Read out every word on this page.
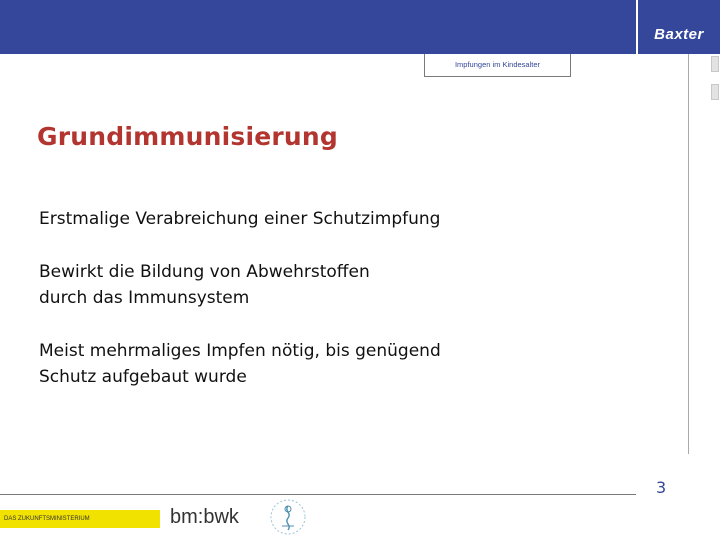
Baxter
Impfungen im Kindesalter
Grundimmunisierung

Erstmalige Verabreichung einer Schutzimpfung

Bewirkt die Bildung von Abwehrstoffen
durch das Immunsystem

Meist mehrmaliges Impfen nötig, bis genügend
Schutz aufgebaut wurde

3
DAS ZUKUNFTSMINISTERIUM	bm:bwk
